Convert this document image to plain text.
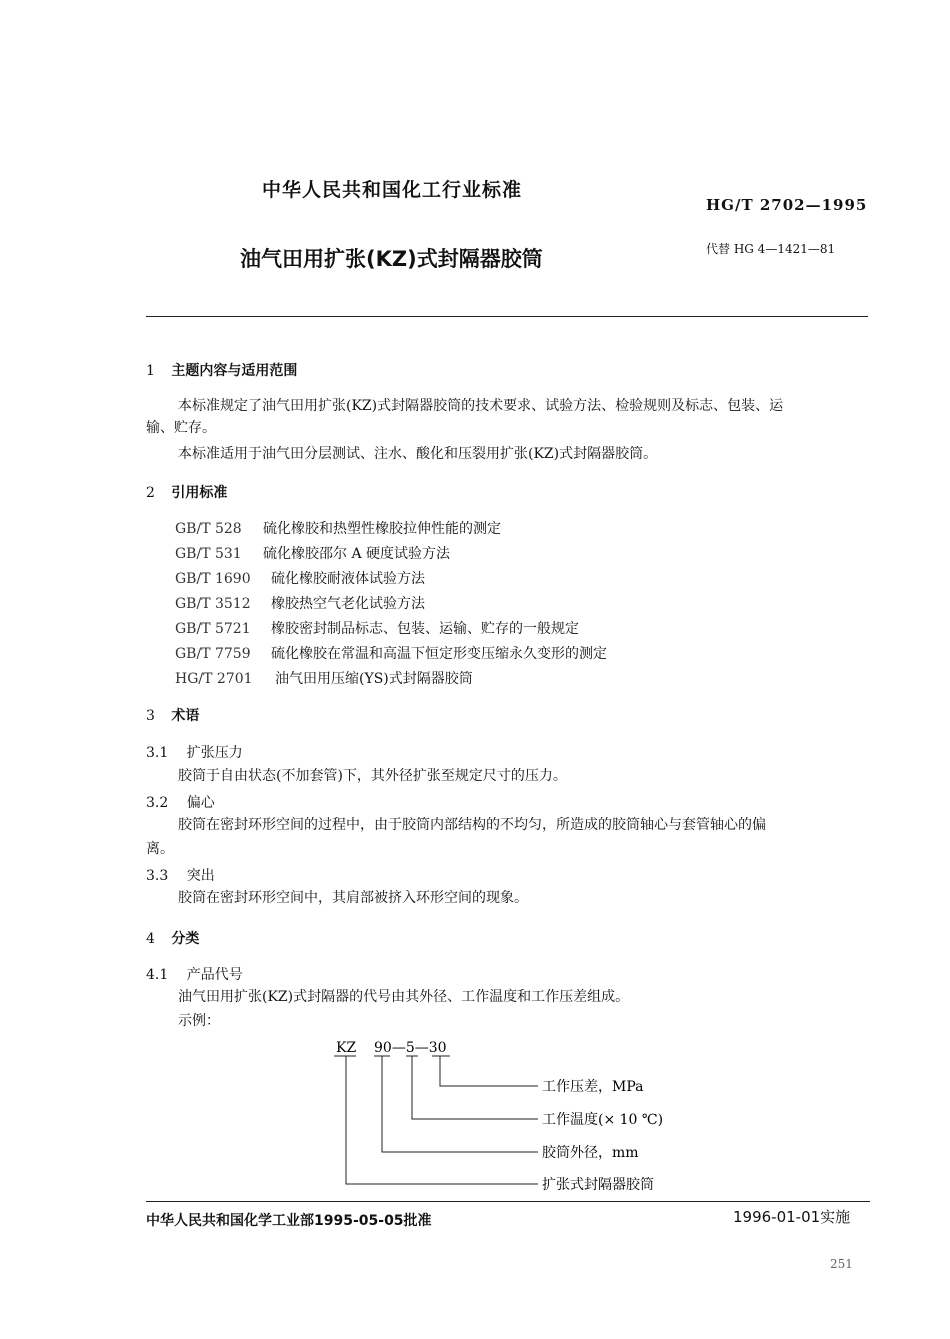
中华人民共和国化工行业标准
HG/T 2702—1995
油气田用扩张(KZ)式封隔器胶筒	代替 HG 4—1421—81
1 主题内容与适用范围
本标准规定了油气田用扩张(KZ)式封隔器胶筒的技术要求、试验方法、检验规则及标志、包装、运
输、贮存。
本标准适用于油气田分层测试、注水、酸化和压裂用扩张(KZ)式封隔器胶筒。
2 引用标准
GB/T 528 硫化橡胶和热塑性橡胶拉伸性能的测定
GB/T 531 硫化橡胶邵尔 A 硬度试验方法
GB/T 1690 硫化橡胶耐液体试验方法
GB/T 3512 橡胶热空气老化试验方法
GB/T 5721 橡胶密封制品标志、包装、运输、贮存的一般规定
GB/T 7759 硫化橡胶在常温和高温下恒定形变压缩永久变形的测定
HG/T 2701 油气田用压缩(YS)式封隔器胶筒
3 术语
3.1 扩张压力
胶筒于自由状态(不加套管)下，其外径扩张至规定尺寸的压力。
3.2 偏心
胶筒在密封环形空间的过程中，由于胶筒内部结构的不均匀，所造成的胶筒轴心与套管轴心的偏
离。
3.3 突出
胶筒在密封环形空间中，其肩部被挤入环形空间的现象。
4 分类
4.1 产品代号
油气田用扩张(KZ)式封隔器的代号由其外径、工作温度和工作压差组成。
示例：
KZ 90—5—30
工作压差，MPa
工作温度(× 10 ℃)
胶筒外径，mm
扩张式封隔器胶筒
中华人民共和国化学工业部1995-05-05批准	1996-01-01实施
251
